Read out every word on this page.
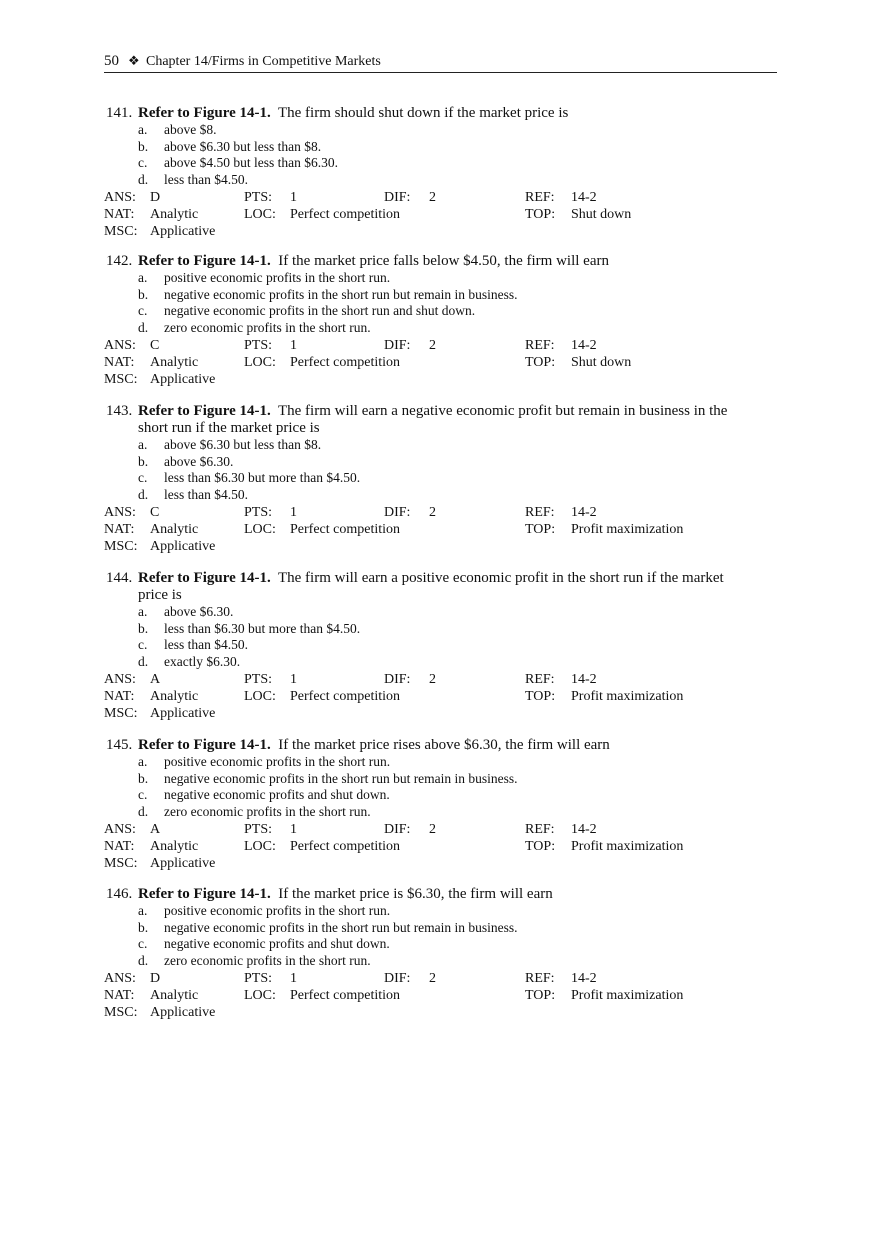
50 ❖ Chapter 14/Firms in Competitive Markets
141. Refer to Figure 14-1. The firm should shut down if the market price is
a.	above $8.
b.	above $6.30 but less than $8.
c.	above $4.50 but less than $6.30.
d.	less than $4.50.
ANS: D	PTS: 1	DIF: 2	REF: 14-2
NAT: Analytic	LOC: Perfect competition	TOP: Shut down
MSC: Applicative
142. Refer to Figure 14-1. If the market price falls below $4.50, the firm will earn
a.	positive economic profits in the short run.
b.	negative economic profits in the short run but remain in business.
c.	negative economic profits in the short run and shut down.
d.	zero economic profits in the short run.
ANS: C	PTS: 1	DIF: 2	REF: 14-2
NAT: Analytic	LOC: Perfect competition	TOP: Shut down
MSC: Applicative
143. Refer to Figure 14-1. The firm will earn a negative economic profit but remain in business in the
short run if the market price is
a.	above $6.30 but less than $8.
b.	above $6.30.
c.	less than $6.30 but more than $4.50.
d.	less than $4.50.
ANS: C	PTS: 1	DIF: 2	REF: 14-2
NAT: Analytic	LOC: Perfect competition	TOP: Profit maximization
MSC: Applicative
144. Refer to Figure 14-1. The firm will earn a positive economic profit in the short run if the market
price is
a.	above $6.30.
b.	less than $6.30 but more than $4.50.
c.	less than $4.50.
d.	exactly $6.30.
ANS: A	PTS: 1	DIF: 2	REF: 14-2
NAT: Analytic	LOC: Perfect competition	TOP: Profit maximization
MSC: Applicative
145. Refer to Figure 14-1. If the market price rises above $6.30, the firm will earn
a.	positive economic profits in the short run.
b.	negative economic profits in the short run but remain in business.
c.	negative economic profits and shut down.
d.	zero economic profits in the short run.
ANS: A	PTS: 1	DIF: 2	REF: 14-2
NAT: Analytic	LOC: Perfect competition	TOP: Profit maximization
MSC: Applicative
146. Refer to Figure 14-1. If the market price is $6.30, the firm will earn
a.	positive economic profits in the short run.
b.	negative economic profits in the short run but remain in business.
c.	negative economic profits and shut down.
d.	zero economic profits in the short run.
ANS: D	PTS: 1	DIF: 2	REF: 14-2
NAT: Analytic	LOC: Perfect competition	TOP: Profit maximization
MSC: Applicative
